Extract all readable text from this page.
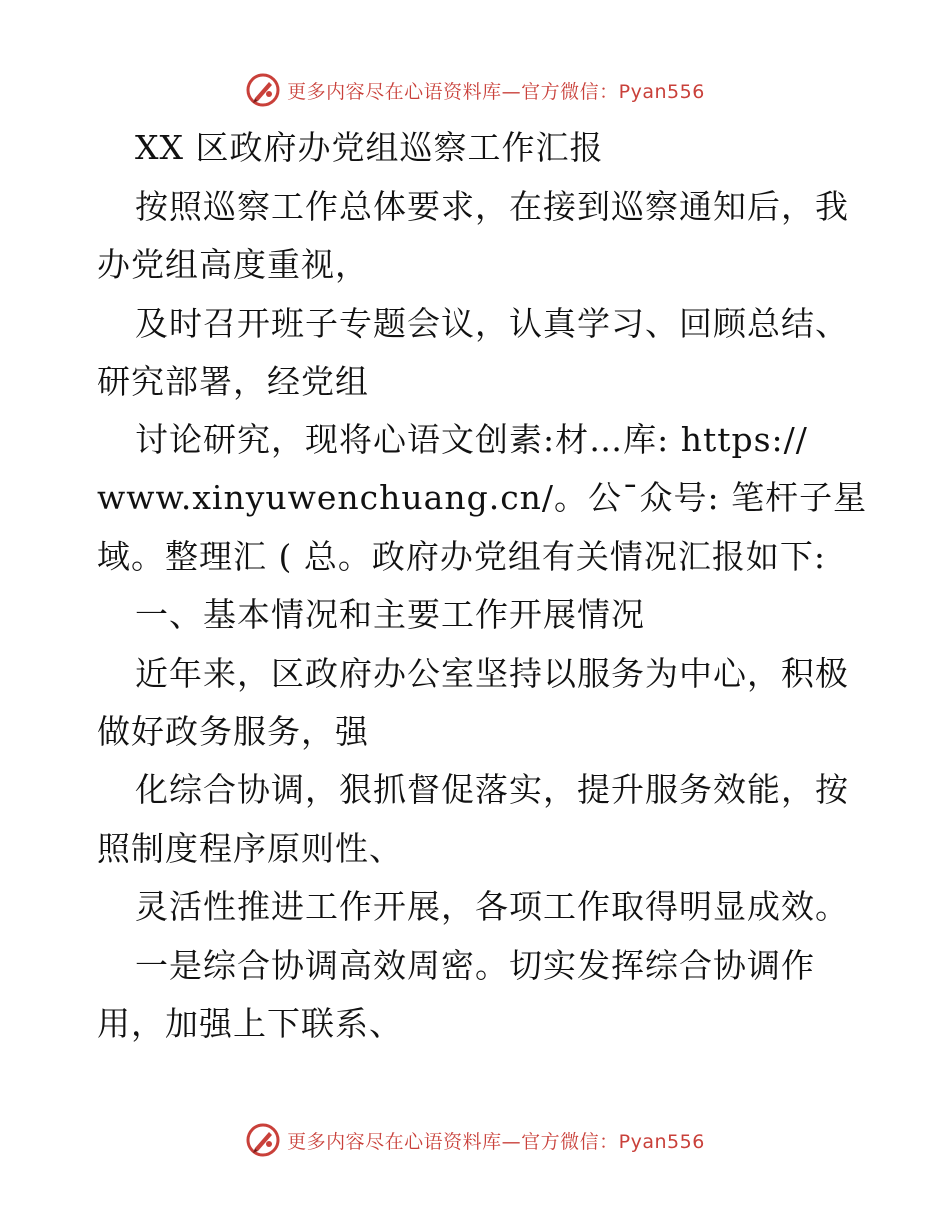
更多内容尽在心语资料库—官方微信：Pyan556
XX 区政府办党组巡察工作汇报
按照巡察工作总体要求，在接到巡察通知后，我
办党组高度重视，
及时召开班子专题会议，认真学习、回顾总结、
研究部署，经党组
讨论研究，现将心语文创素:材…库: https://
www.xinyuwenchuang.cn/。公¯众号: 笔杆子星
域。整理汇 ( 总。政府办党组有关情况汇报如下:
一、基本情况和主要工作开展情况
近年来，区政府办公室坚持以服务为中心，积极
做好政务服务，强
化综合协调，狠抓督促落实，提升服务效能，按
照制度程序原则性、
灵活性推进工作开展，各项工作取得明显成效。
一是综合协调高效周密。切实发挥综合协调作
用，加强上下联系、
更多内容尽在心语资料库—官方微信：Pyan556
